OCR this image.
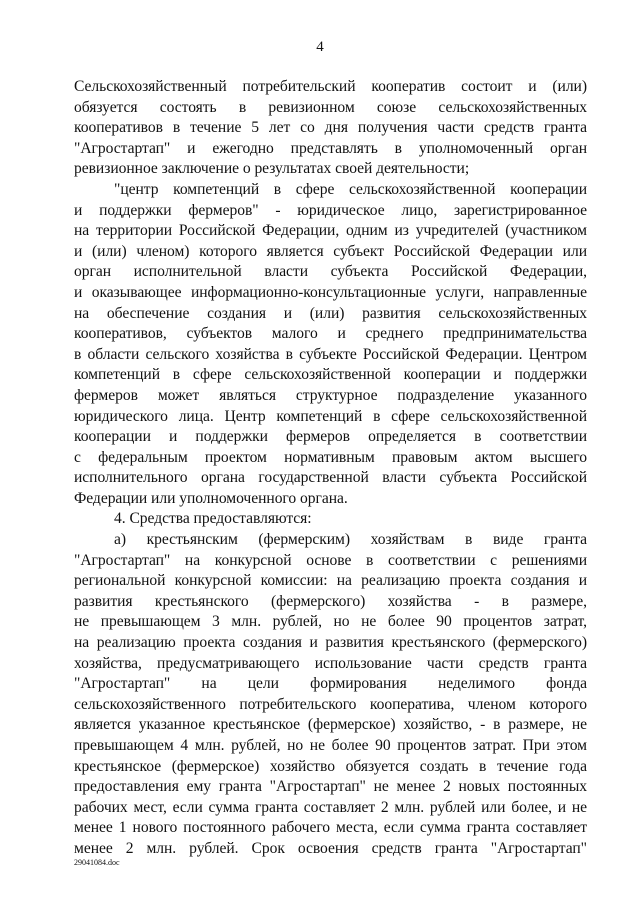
4
Сельскохозяйственный потребительский кооператив состоит и (или)
обязуется состоять в ревизионном союзе сельскохозяйственных
кооперативов в течение 5 лет со дня получения части средств гранта
"Агростартап" и ежегодно представлять в уполномоченный орган
ревизионное заключение о результатах своей деятельности;
"центр компетенций в сфере сельскохозяйственной кооперации
и поддержки фермеров" - юридическое лицо, зарегистрированное
на территории Российской Федерации, одним из учредителей (участником
и (или) членом) которого является субъект Российской Федерации или
орган исполнительной власти субъекта Российской Федерации,
и оказывающее информационно-консультационные услуги, направленные
на обеспечение создания и (или) развития сельскохозяйственных
кооперативов, субъектов малого и среднего предпринимательства
в области сельского хозяйства в субъекте Российской Федерации. Центром
компетенций в сфере сельскохозяйственной кооперации и поддержки
фермеров может являться структурное подразделение указанного
юридического лица. Центр компетенций в сфере сельскохозяйственной
кооперации и поддержки фермеров определяется в соответствии
с федеральным проектом нормативным правовым актом высшего
исполнительного органа государственной власти субъекта Российской
Федерации или уполномоченного органа.
4. Средства предоставляются:
а) крестьянским (фермерским) хозяйствам в виде гранта
"Агростартап" на конкурсной основе в соответствии с решениями
региональной конкурсной комиссии: на реализацию проекта создания и
развития крестьянского (фермерского) хозяйства - в размере,
не превышающем 3 млн. рублей, но не более 90 процентов затрат,
на реализацию проекта создания и развития крестьянского (фермерского)
хозяйства, предусматривающего использование части средств гранта
"Агростартап" на цели формирования неделимого фонда
сельскохозяйственного потребительского кооператива, членом которого
является указанное крестьянское (фермерское) хозяйство, - в размере, не
превышающем 4 млн. рублей, но не более 90 процентов затрат. При этом
крестьянское (фермерское) хозяйство обязуется создать в течение года
предоставления ему гранта "Агростартап" не менее 2 новых постоянных
рабочих мест, если сумма гранта составляет 2 млн. рублей или более, и не
менее 1 нового постоянного рабочего места, если сумма гранта составляет
менее 2 млн. рублей. Срок освоения средств гранта "Агростартап"
29041084.doc
